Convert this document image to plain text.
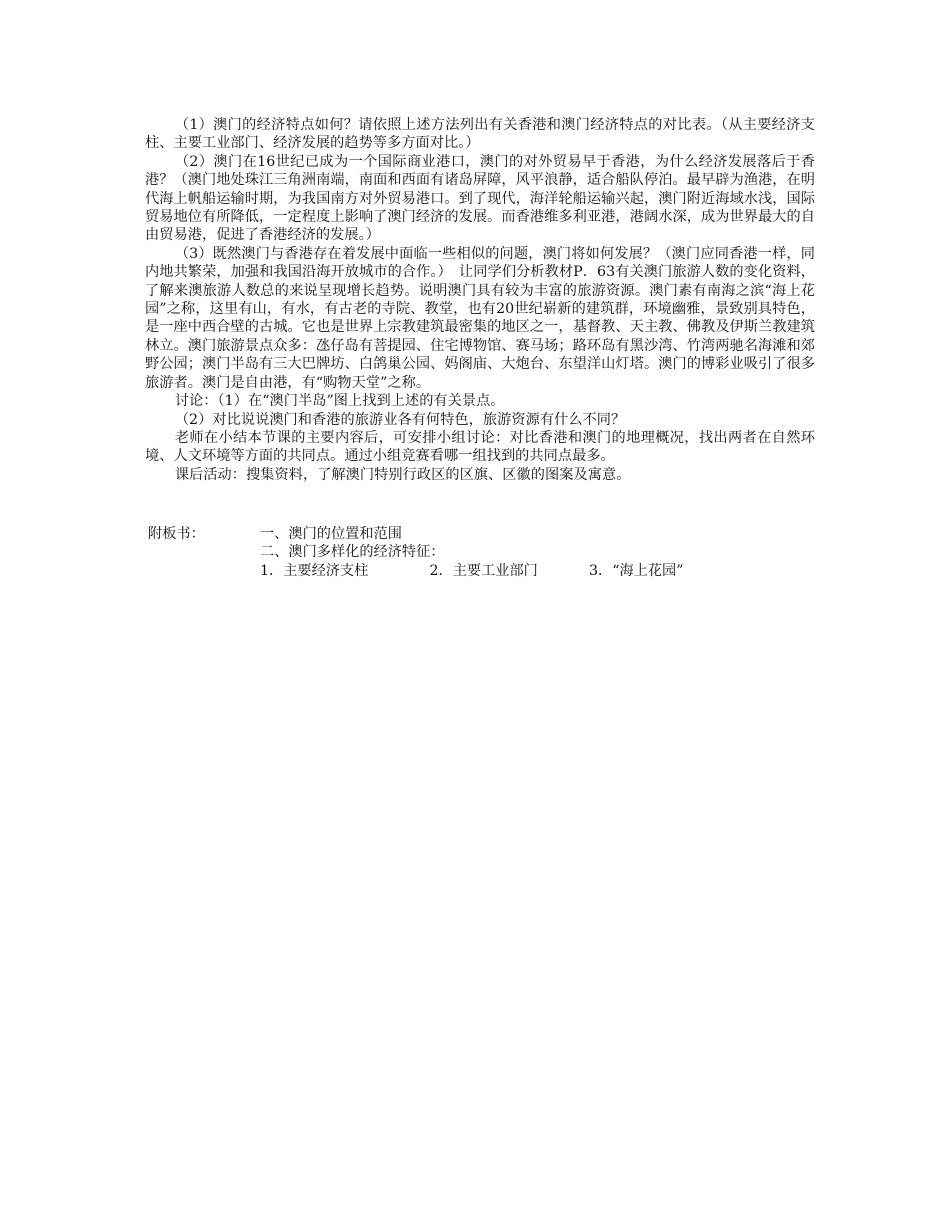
（1）澳门的经济特点如何？请依照上述方法列出有关香港和澳门经济特点的对比表。（从主要经济支柱、主要工业部门、经济发展的趋势等多方面对比。）

（2）澳门在16世纪已成为一个国际商业港口，澳门的对外贸易早于香港，为什么经济发展落后于香港？（澳门地处珠江三角洲南端，南面和西面有诸岛屏障，风平浪静，适合船队停泊。最早辟为渔港，在明代海上帆船运输时期，为我国南方对外贸易港口。到了现代，海洋轮船运输兴起，澳门附近海域水浅，国际贸易地位有所降低，一定程度上影响了澳门经济的发展。而香港维多利亚港，港阔水深，成为世界最大的自由贸易港，促进了香港经济的发展。）

（3）既然澳门与香港存在着发展中面临一些相似的问题，澳门将如何发展？（澳门应同香港一样，同内地共繁荣，加强和我国沿海开放城市的合作。）　让同学们分析教材P．63有关澳门旅游人数的变化资料，了解来澳旅游人数总的来说呈现增长趋势。说明澳门具有较为丰富的旅游资源。澳门素有南海之滨“海上花园”之称，这里有山，有水，有古老的寺院、教堂，也有20世纪崭新的建筑群，环境幽雅，景致别具特色，是一座中西合壁的古城。它也是世界上宗教建筑最密集的地区之一，基督教、天主教、佛教及伊斯兰教建筑林立。澳门旅游景点众多：氹仔岛有菩提园、住宅博物馆、赛马场；路环岛有黑沙湾、竹湾两驰名海滩和郊野公园；澳门半岛有三大巴牌坊、白鸽巢公园、妈阁庙、大炮台、东望洋山灯塔。澳门的博彩业吸引了很多旅游者。澳门是自由港，有“购物天堂”之称。

讨论：（1）在“澳门半岛”图上找到上述的有关景点。

（2）对比说说澳门和香港的旅游业各有何特色，旅游资源有什么不同？

老师在小结本节课的主要内容后，可安排小组讨论：对比香港和澳门的地理概况，找出两者在自然环境、人文环境等方面的共同点。通过小组竞赛看哪一组找到的共同点最多。

课后活动：搜集资料，了解澳门特别行政区的区旗、区徽的图案及寓意。

附板书：	一、澳门的位置和范围
二、澳门多样化的经济特征：
1．主要经济支柱	2．主要工业部门	3．“海上花园”
